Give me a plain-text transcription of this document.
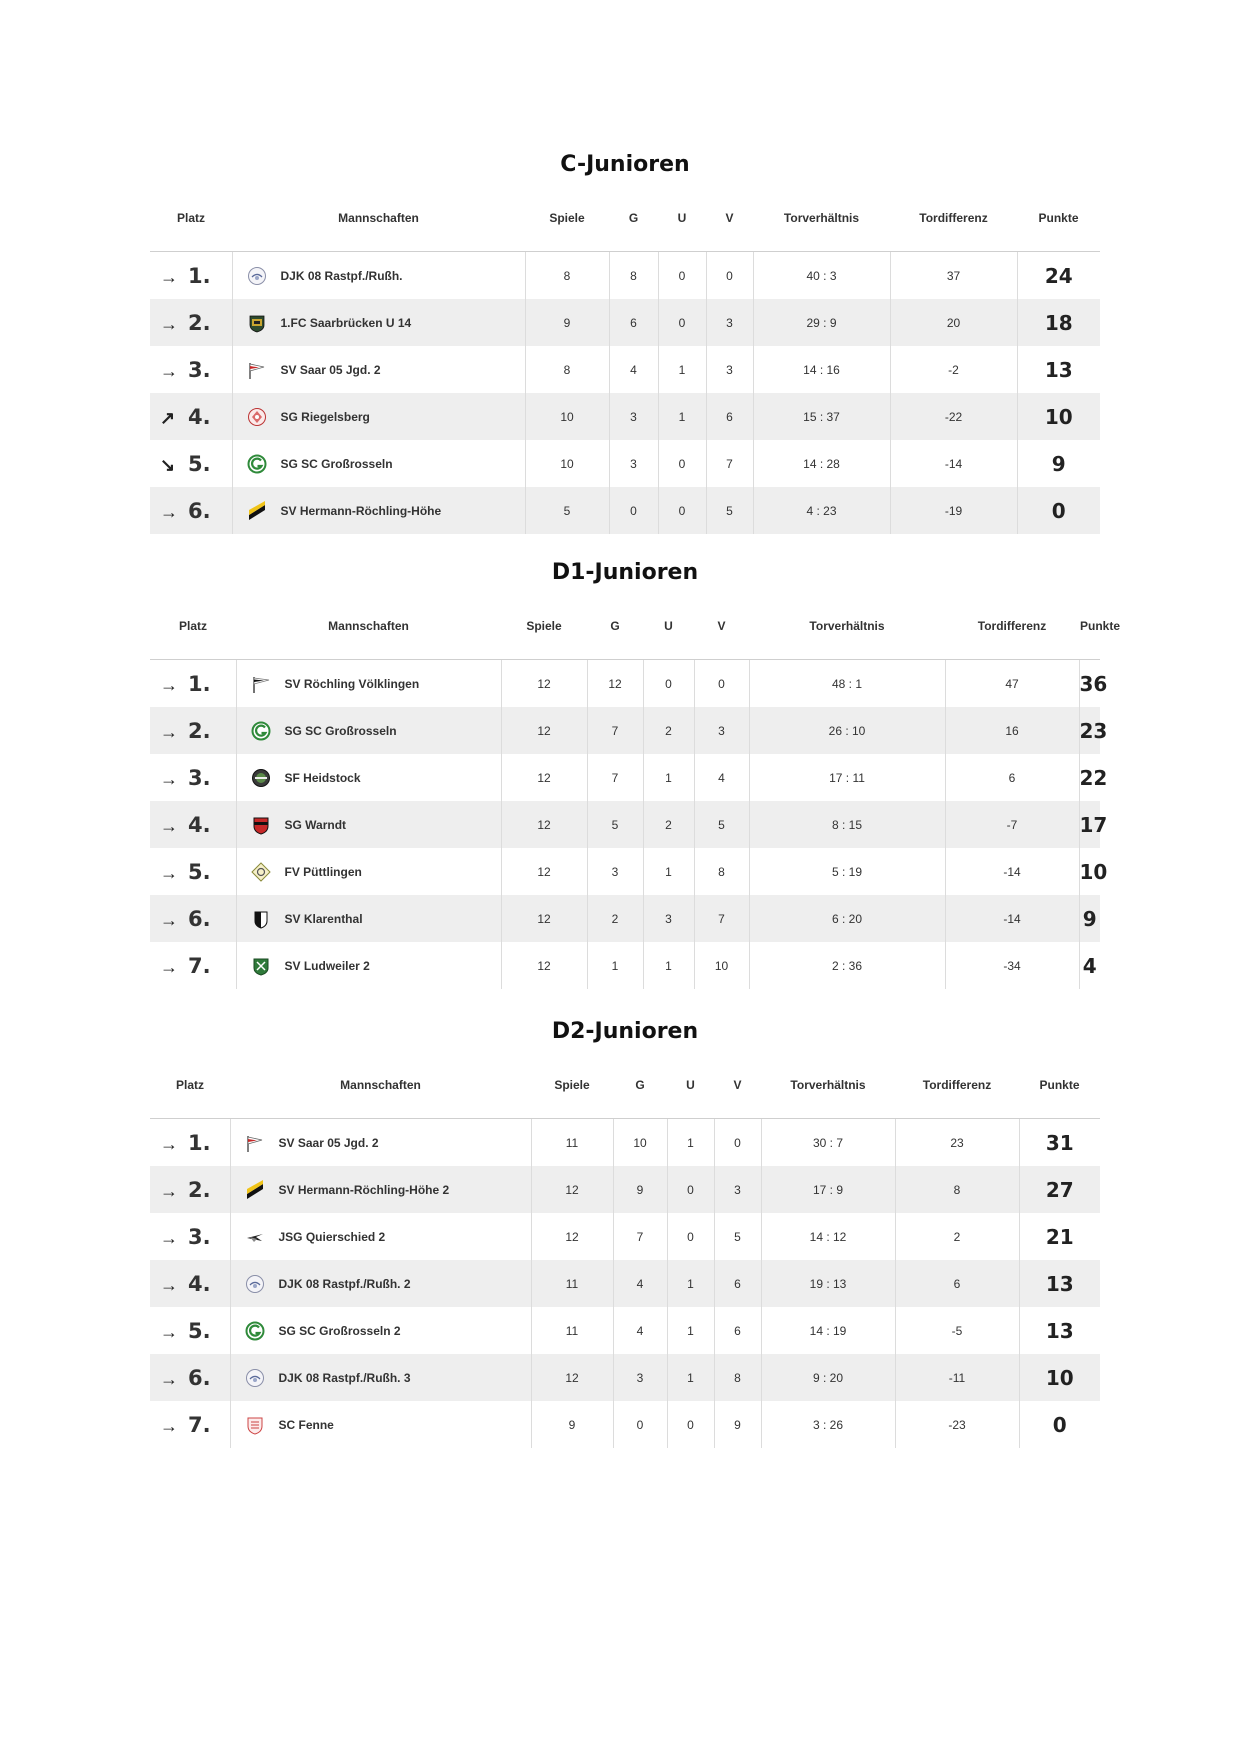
C-Junioren
Platz	Mannschaften	Spiele	G	U	V	Torverhältnis	Tordifferenz	Punkte
→ 1.	DJK 08 Rastpf./Rußh.	8	8	0	0	40 : 3	37	24
→ 2.	1.FC Saarbrücken U 14	9	6	0	3	29 : 9	20	18
→ 3.	SV Saar 05 Jgd. 2	8	4	1	3	14 : 16	-2	13
↗ 4.	SG Riegelsberg	10	3	1	6	15 : 37	-22	10
↘ 5.	SG SC Großrosseln	10	3	0	7	14 : 28	-14	9
→ 6.	SV Hermann-Röchling-Höhe	5	0	0	5	4 : 23	-19	0
D1-Junioren
Platz	Mannschaften	Spiele	G	U	V	Torverhältnis	Tordifferenz	Punkte
→ 1.	SV Röchling Völklingen	12	12	0	0	48 : 1	47	36
→ 2.	SG SC Großrosseln	12	7	2	3	26 : 10	16	23
→ 3.	SF Heidstock	12	7	1	4	17 : 11	6	22
→ 4.	SG Warndt	12	5	2	5	8 : 15	-7	17
→ 5.	FV Püttlingen	12	3	1	8	5 : 19	-14	10
→ 6.	SV Klarenthal	12	2	3	7	6 : 20	-14	9
→ 7.	SV Ludweiler 2	12	1	1	10	2 : 36	-34	4
D2-Junioren
Platz	Mannschaften	Spiele	G	U	V	Torverhältnis	Tordifferenz	Punkte
→ 1.	SV Saar 05 Jgd. 2	11	10	1	0	30 : 7	23	31
→ 2.	SV Hermann-Röchling-Höhe 2	12	9	0	3	17 : 9	8	27
→ 3.	JSG Quierschied 2	12	7	0	5	14 : 12	2	21
→ 4.	DJK 08 Rastpf./Rußh. 2	11	4	1	6	19 : 13	6	13
→ 5.	SG SC Großrosseln 2	11	4	1	6	14 : 19	-5	13
→ 6.	DJK 08 Rastpf./Rußh. 3	12	3	1	8	9 : 20	-11	10
→ 7.	SC Fenne	9	0	0	9	3 : 26	-23	0
